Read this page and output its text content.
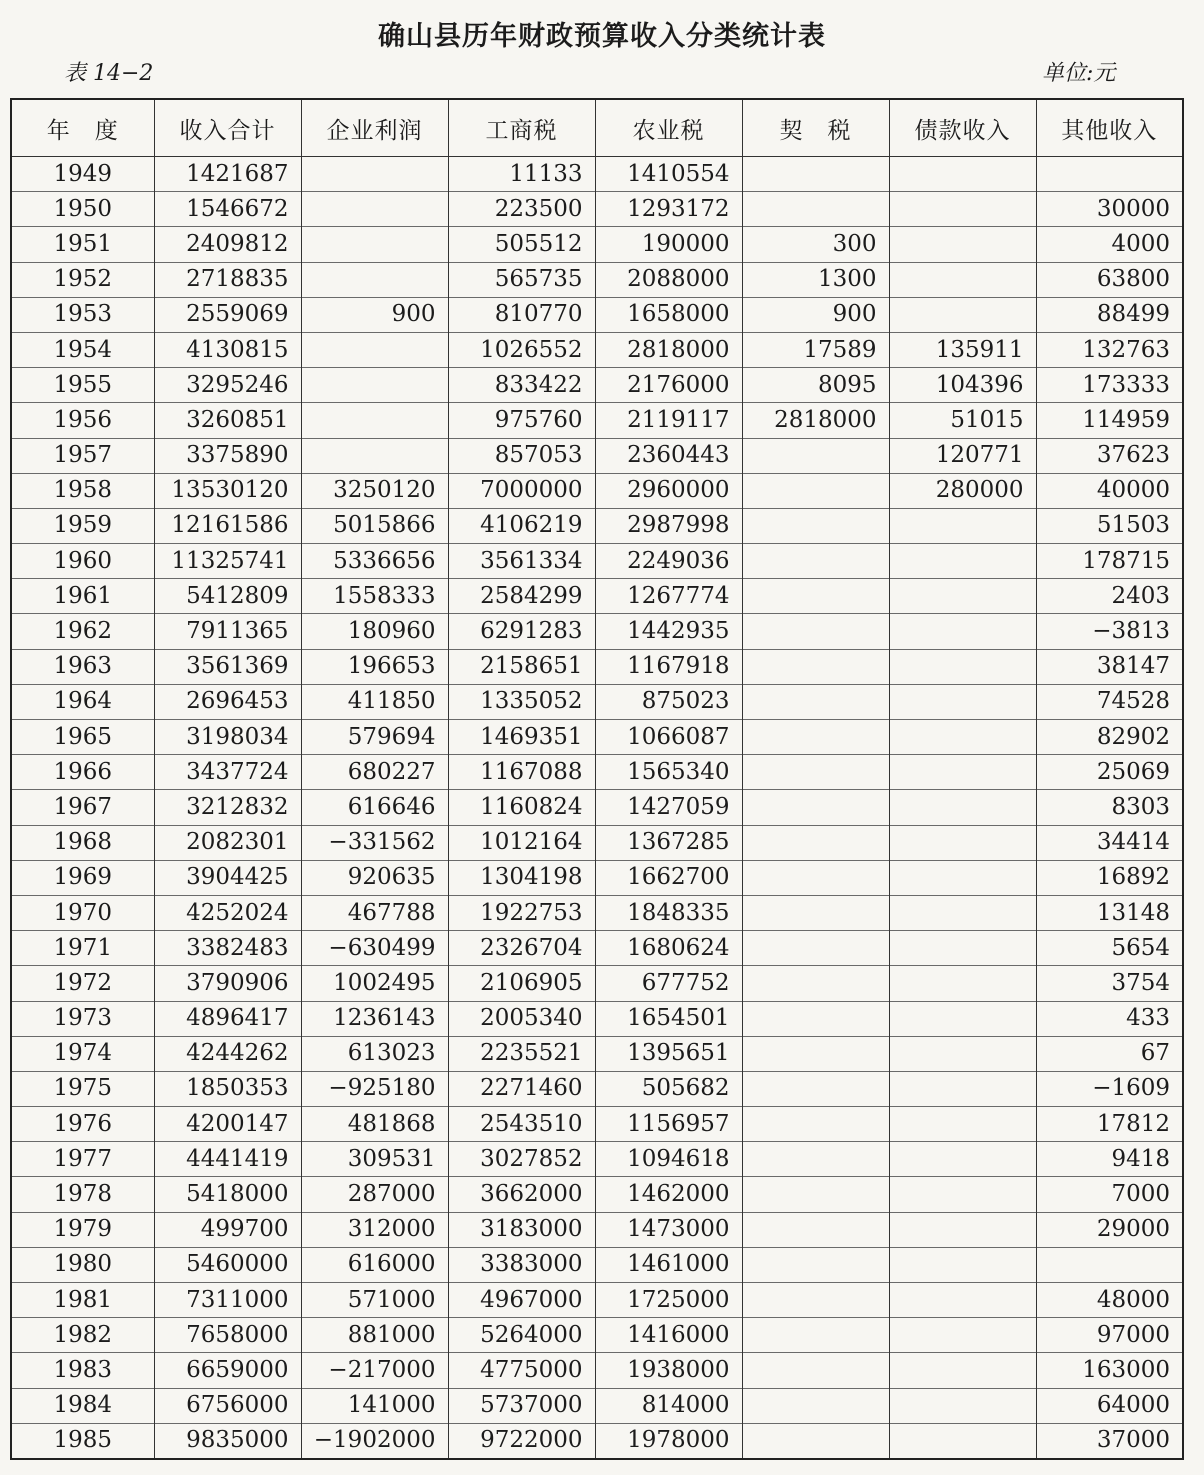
确山县历年财政预算收入分类统计表
表 14−2	单位:元
年　度	收入合计	企业利润	工商税	农业税	契　税	债款收入	其他收入
1949	1421687		11133	1410554			
1950	1546672		223500	1293172			30000
1951	2409812		505512	190000	300		4000
1952	2718835		565735	2088000	1300		63800
1953	2559069	900	810770	1658000	900		88499
1954	4130815		1026552	2818000	17589	135911	132763
1955	3295246		833422	2176000	8095	104396	173333
1956	3260851		975760	2119117	2818000	51015	114959
1957	3375890		857053	2360443		120771	37623
1958	13530120	3250120	7000000	2960000		280000	40000
1959	12161586	5015866	4106219	2987998			51503
1960	11325741	5336656	3561334	2249036			178715
1961	5412809	1558333	2584299	1267774			2403
1962	7911365	180960	6291283	1442935			−3813
1963	3561369	196653	2158651	1167918			38147
1964	2696453	411850	1335052	875023			74528
1965	3198034	579694	1469351	1066087			82902
1966	3437724	680227	1167088	1565340			25069
1967	3212832	616646	1160824	1427059			8303
1968	2082301	−331562	1012164	1367285			34414
1969	3904425	920635	1304198	1662700			16892
1970	4252024	467788	1922753	1848335			13148
1971	3382483	−630499	2326704	1680624			5654
1972	3790906	1002495	2106905	677752			3754
1973	4896417	1236143	2005340	1654501			433
1974	4244262	613023	2235521	1395651			67
1975	1850353	−925180	2271460	505682			−1609
1976	4200147	481868	2543510	1156957			17812
1977	4441419	309531	3027852	1094618			9418
1978	5418000	287000	3662000	1462000			7000
1979	499700	312000	3183000	1473000			29000
1980	5460000	616000	3383000	1461000			
1981	7311000	571000	4967000	1725000			48000
1982	7658000	881000	5264000	1416000			97000
1983	6659000	−217000	4775000	1938000			163000
1984	6756000	141000	5737000	814000			64000
1985	9835000	−1902000	9722000	1978000			37000
